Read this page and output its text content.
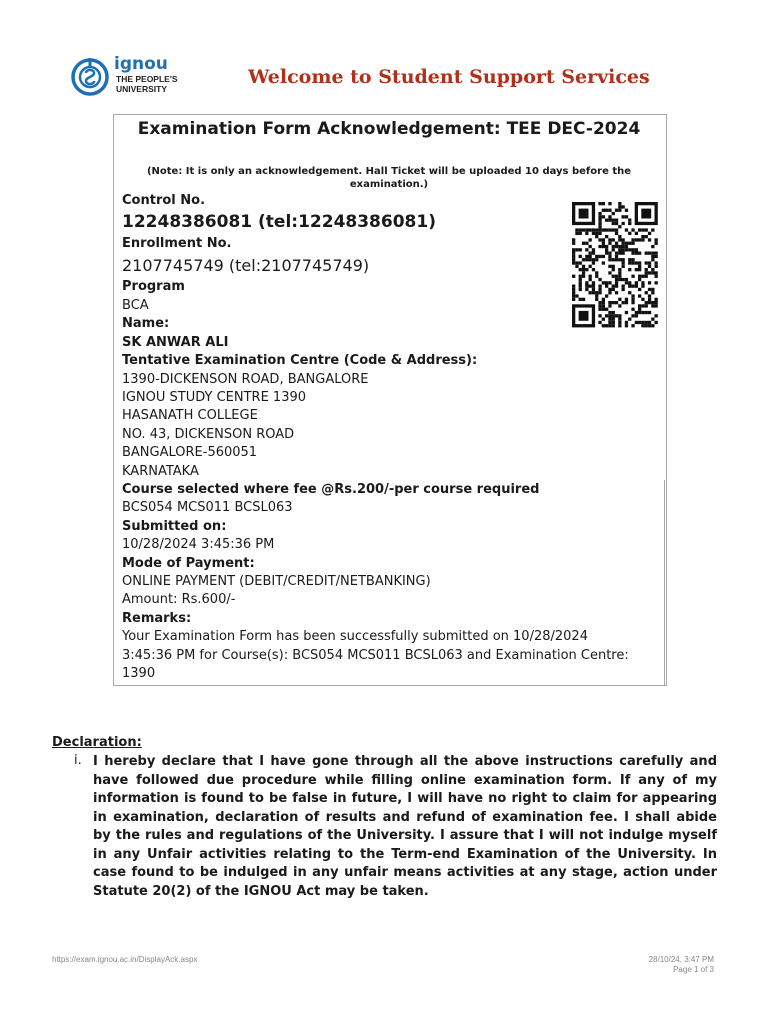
ignou
THE PEOPLE'S
UNIVERSITY
Welcome to Student Support Services
Examination Form Acknowledgement: TEE DEC-2024
(Note: It is only an acknowledgement. Hall Ticket will be uploaded 10 days before the examination.)
Control No.
12248386081 (tel:12248386081)
Enrollment No.
2107745749 (tel:2107745749)
Program
BCA
Name:
SK ANWAR ALI
Tentative Examination Centre (Code & Address):
1390-DICKENSON ROAD, BANGALORE
IGNOU STUDY CENTRE 1390
HASANATH COLLEGE
NO. 43, DICKENSON ROAD
BANGALORE-560051
KARNATAKA
Course selected where fee @Rs.200/-per course required
BCS054 MCS011 BCSL063
Submitted on:
10/28/2024 3:45:36 PM
Mode of Payment:
ONLINE PAYMENT (DEBIT/CREDIT/NETBANKING)
Amount: Rs.600/-
Remarks:
Your Examination Form has been successfully submitted on 10/28/2024 3:45:36 PM for Course(s): BCS054 MCS011 BCSL063 and Examination Centre: 1390
Declaration:
i. I hereby declare that I have gone through all the above instructions carefully and have followed due procedure while filling online examination form. If any of my information is found to be false in future, I will have no right to claim for appearing in examination, declaration of results and refund of examination fee. I shall abide by the rules and regulations of the University. I assure that I will not indulge myself in any Unfair activities relating to the Term-end Examination of the University. In case found to be indulged in any unfair means activities at any stage, action under Statute 20(2) of the IGNOU Act may be taken.
https://exam.ignou.ac.in/DisplayAck.aspx	28/10/24, 3:47 PM
Page 1 of 3
